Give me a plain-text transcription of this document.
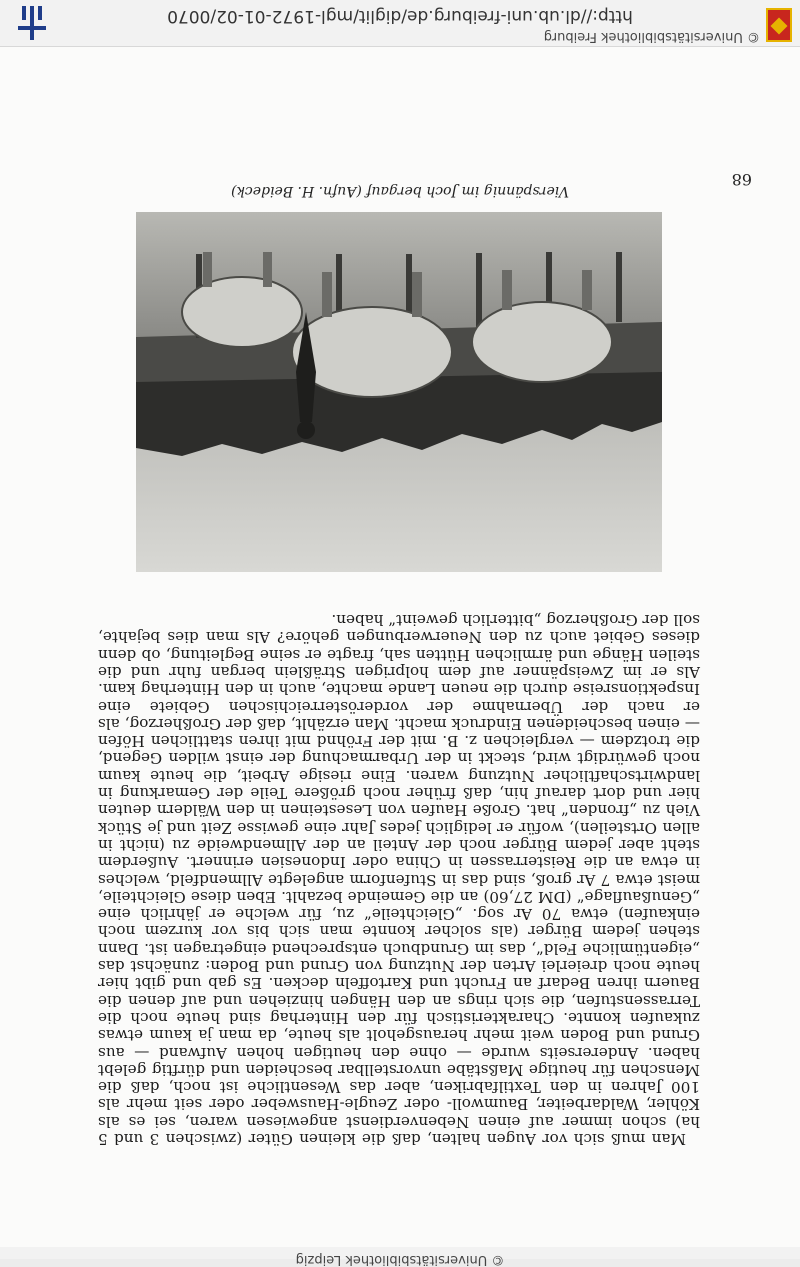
© Universitätsbibliothek Leipzig

Man muß sich vor Augen halten, daß die kleinen Güter (zwischen 3 und 5 ha) schon immer auf einen Nebenverdienst angewiesen waren, sei es als Köhler, Waldarbeiter, Baumwoll- oder Zeugle-Hausweber oder seit mehr als 100 Jahren in den Textilfabriken, aber das Wesentliche ist noch, daß die Menschen für heutige Maßstäbe unvorstellbar bescheiden und dürftig gelebt haben. Andererseits wurde — ohne den heutigen hohen Aufwand — aus Grund und Boden weit mehr herausgeholt als heute, da man ja kaum etwas zukaufen konnte. Charakteristisch für den Hinterhag sind heute noch die Terrassenstufen, die sich rings an den Hängen hinziehen und auf denen die Bauern ihren Bedarf an Frucht und Kartoffeln decken. Es gab und gibt hier heute noch dreierlei Arten der Nutzung von Grund und Boden: zunächst das „eigentümliche Feld“, das im Grundbuch entsprechend eingetragen ist. Dann stehen jedem Bürger (als solcher konnte man sich bis vor kurzem noch einkaufen) etwa 70 Ar sog. „Gleichteile“ zu, für welche er jährlich eine „Genußauflage“ (DM 27,60) an die Gemeinde bezahlt. Eben diese Gleichteile, meist etwa 7 Ar groß, sind das in Stufenform angelegte Allmendfeld, welches in etwa an die Reisterrassen in China oder Indonesien erinnert. Außerdem steht aber jedem Bürger noch der Anteil an der Allmendweide zu (nicht in allen Ortsteilen), wofür er lediglich jedes Jahr eine gewisse Zeit und je Stück Vieh zu „fronden“ hat. Große Haufen von Lesesteinen in den Wäldern deuten hier und dort darauf hin, daß früher noch größere Teile der Gemarkung in landwirtschaftlicher Nutzung waren. Eine riesige Arbeit, die heute kaum noch gewürdigt wird, steckt in der Urbarmachung der einst wilden Gegend, die trotzdem — vergleichen z. B. mit der Fröhnd mit ihren stattlichen Höfen — einen bescheidenen Eindruck macht. Man erzählt, daß der Großherzog, als er nach der Übernahme der vorderösterreichischen Gebiete eine Inspektionsreise durch die neuen Lande machte, auch in den Hinterhag kam. Als er im Zweispänner auf dem holprigen Sträßlein bergan fuhr und die steilen Hänge und ärmlichen Hütten sah, fragte er seine Begleitung, ob denn dieses Gebiet auch zu den Neuerwerbungen gehöre? Als man dies bejahte, soll der Großherzog „bitterlich geweint“ haben.

Vierspännig im Joch bergauf (Aufn. H. Beideck)
68
© Universitätsbibliothek Freiburg
http://dl.ub.uni-freiburg.de/diglit/mgl-1972-01-02/0070
